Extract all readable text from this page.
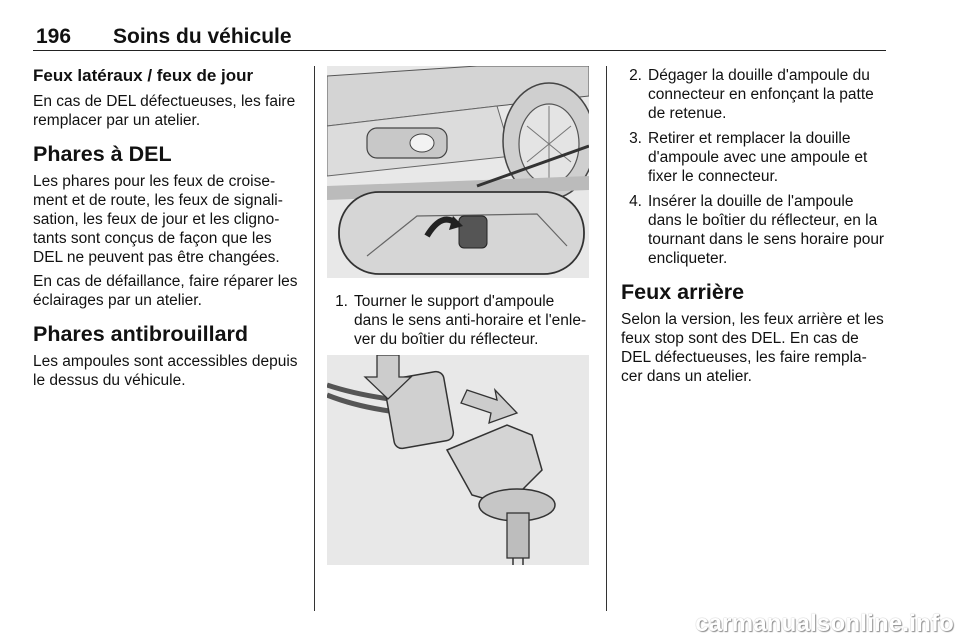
196 Soins du véhicule
Feux latéraux / feux de jour
En cas de DEL défectueuses, les faire remplacer par un atelier.
Phares à DEL
Les phares pour les feux de croise-ment et de route, les feux de signali-sation, les feux de jour et les cligno-tants sont conçus de façon que les DEL ne peuvent pas être changées.
En cas de défaillance, faire réparer les éclairages par un atelier.
Phares antibrouillard
Les ampoules sont accessibles depuis le dessus du véhicule.
1. Tourner le support d'ampoule dans le sens anti-horaire et l'enle-ver du boîtier du réflecteur.
2. Dégager la douille d'ampoule du connecteur en enfonçant la patte de retenue.
3. Retirer et remplacer la douille d'ampoule avec une ampoule et fixer le connecteur.
4. Insérer la douille de l'ampoule dans le boîtier du réflecteur, en la tournant dans le sens horaire pour encliqueter.
Feux arrière
Selon la version, les feux arrière et les feux stop sont des DEL. En cas de DEL défectueuses, les faire rempla-cer dans un atelier.
carmanualsonline.info
